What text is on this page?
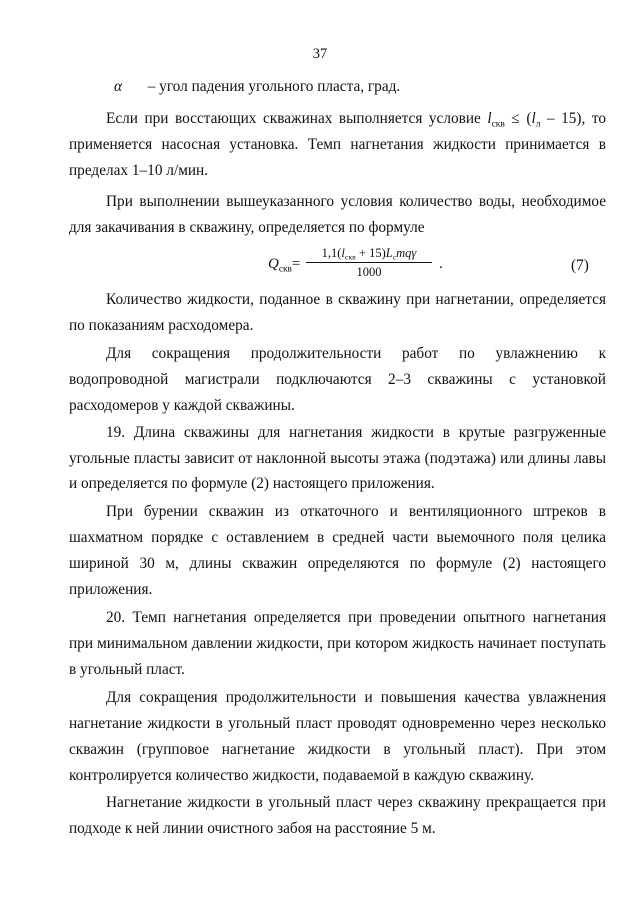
37
α – угол падения угольного пласта, град.
Если при восстающих скважинах выполняется условие $l_{скв} \le (l_л - 15)$, то
применяется насосная установка. Темп нагнетания жидкости принимается в
пределах 1–10 л/мин.
При выполнении вышеуказанного условия количество воды, необходимое
для закачивания в скважину, определяется по формуле
$Q_{скв}=$
$1,1(l_{скв} + 15)L_сmq\gamma$
1000	.	(7)
Количество жидкости, поданное в скважину при нагнетании, определяется
по показаниям расходомера.
Для сокращения продолжительности работ по увлажнению к
водопроводной магистрали подключаются 2–3 скважины с установкой
расходомеров у каждой скважины.
19. Длина скважины для нагнетания жидкости в крутые разгруженные
угольные пласты зависит от наклонной высоты этажа (подэтажа) или длины лавы
и определяется по формуле (2) настоящего приложения.
При бурении скважин из откаточного и вентиляционного штреков в
шахматном порядке с оставлением в средней части выемочного поля целика
шириной 30 м, длины скважин определяются по формуле (2) настоящего
приложения.
20. Темп нагнетания определяется при проведении опытного нагнетания
при минимальном давлении жидкости, при котором жидкость начинает поступать
в угольный пласт.
Для сокращения продолжительности и повышения качества увлажнения
нагнетание жидкости в угольный пласт проводят одновременно через несколько
скважин (групповое нагнетание жидкости в угольный пласт). При этом
контролируется количество жидкости, подаваемой в каждую скважину.
Нагнетание жидкости в угольный пласт через скважину прекращается при
подходе к ней линии очистного забоя на расстояние 5 м.
